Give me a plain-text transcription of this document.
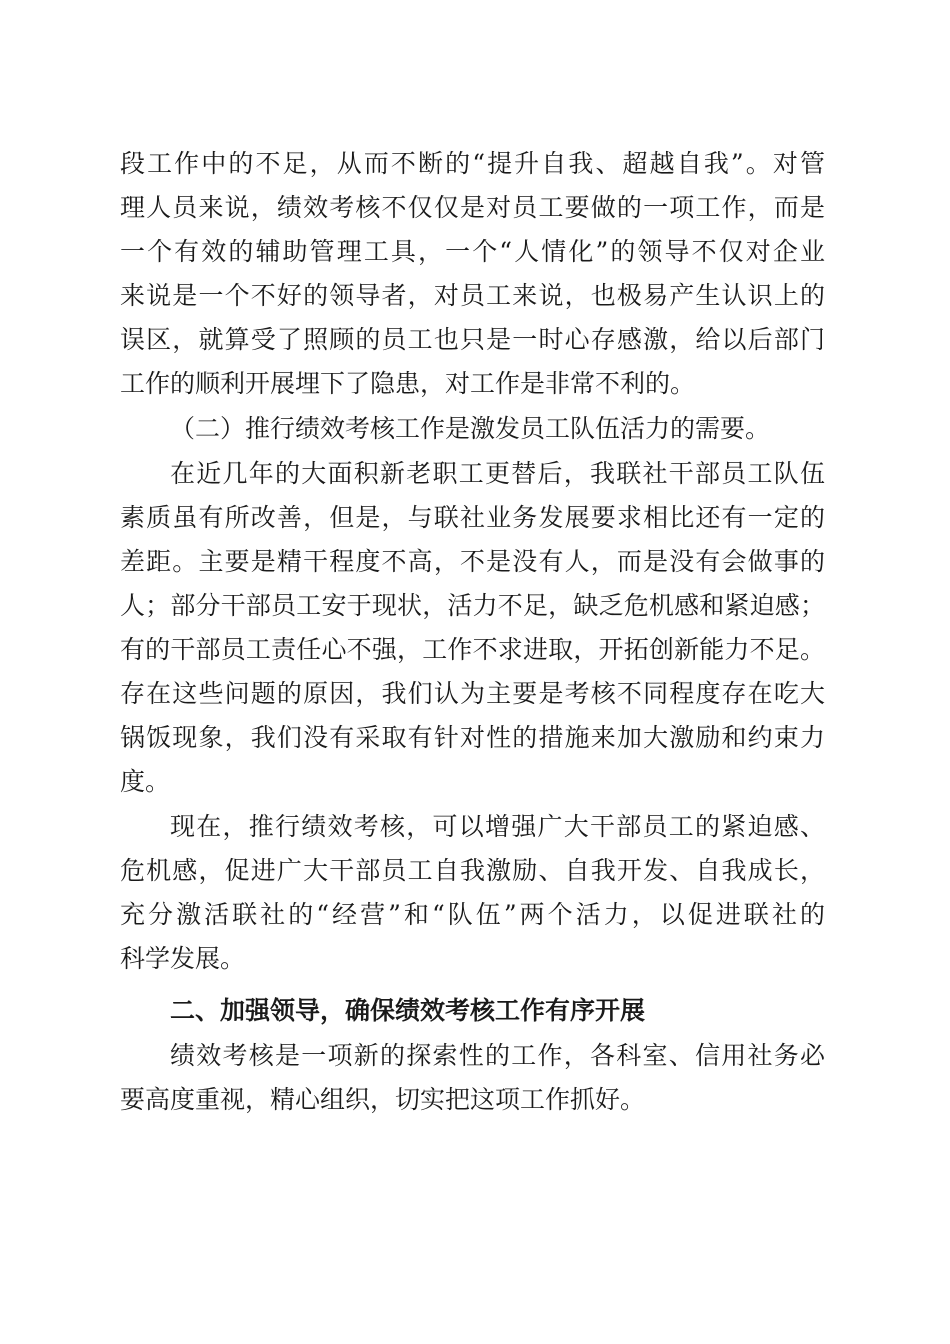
段工作中的不足，从而不断的“提升自我、超越自我”。对管
理人员来说，绩效考核不仅仅是对员工要做的一项工作，而是
一个有效的辅助管理工具，一个“人情化”的领导不仅对企业
来说是一个不好的领导者，对员工来说，也极易产生认识上的
误区，就算受了照顾的员工也只是一时心存感激，给以后部门
工作的顺利开展埋下了隐患，对工作是非常不利的。
（二）推行绩效考核工作是激发员工队伍活力的需要。
在近几年的大面积新老职工更替后，我联社干部员工队伍
素质虽有所改善，但是，与联社业务发展要求相比还有一定的
差距。主要是精干程度不高，不是没有人，而是没有会做事的
人；部分干部员工安于现状，活力不足，缺乏危机感和紧迫感；
有的干部员工责任心不强，工作不求进取，开拓创新能力不足。
存在这些问题的原因，我们认为主要是考核不同程度存在吃大
锅饭现象，我们没有采取有针对性的措施来加大激励和约束力
度。
现在，推行绩效考核，可以增强广大干部员工的紧迫感、
危机感，促进广大干部员工自我激励、自我开发、自我成长，
充分激活联社的“经营”和“队伍”两个活力，以促进联社的
科学发展。
二、加强领导，确保绩效考核工作有序开展
绩效考核是一项新的探索性的工作，各科室、信用社务必
要高度重视，精心组织，切实把这项工作抓好。
